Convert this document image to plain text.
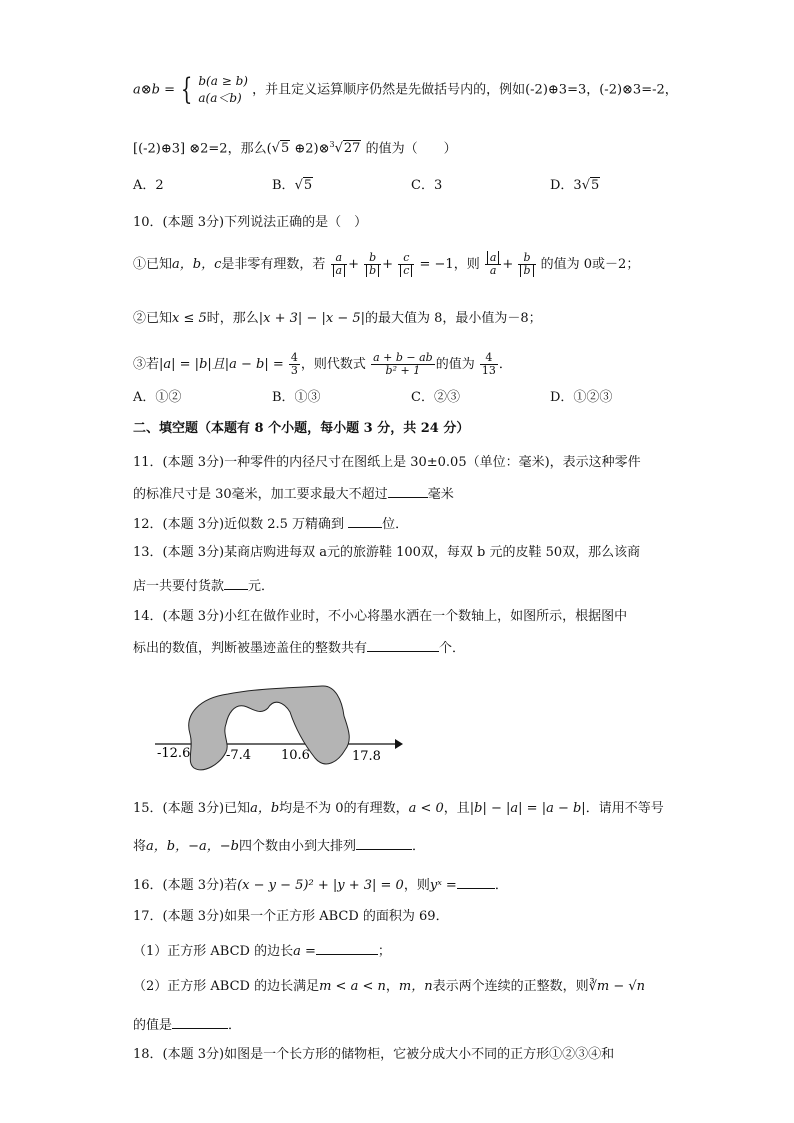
a⊗b = { b(a ≥ b)
a(a＜b)
，并且定义运算顺序仍然是先做括号内的，例如(-2)⊕3=3，(-2)⊗3=-2，
[(-2)⊕3] ⊗2=2，那么(√5 ⊕2)⊗$^3$√27 的值为（　　）
A．2	B．√5	C．3	D．3√5
10．(本题 3分)下列说法正确的是（　）
①已知a，b，c是非零有理数，若 $\frac{a}{a} + \frac{b}{b} + \frac{c}{c} = -1$，则 $\frac{a}{a} + \frac{b}{b}$ 的值为 0或－2；
②已知x ≤ 5时，那么|x + 3| − |x − 5|的最大值为 8，最小值为－8；
③若|a| = |b|且$|a - b| = \frac{4}{3}$ ，则代数式 $\frac{a + b - ab}{\text{b² + 1}}$ 的值为 $\frac{4}{13}$ ．
A．①②	B．①③	C．②③	D．①②③
二、填空题（本题有 8 个小题，每小题 3 分，共 24 分）
11．(本题 3分)一种零件的内径尺寸在图纸上是 30±0.05（单位：毫米)，表示这种零件
的标准尺寸是 30毫米，加工要求最大不超过	毫米
12．(本题 3分)近似数 2.5 万精确到	位．
13．(本题 3分)某商店购进每双 a元的旅游鞋 100双，每双 b 元的皮鞋 50双，那么该商
店一共要付货款 元．
14．(本题 3分)小红在做作业时，不小心将墨水洒在一个数轴上，如图所示，根据图中
标出的数值，判断被墨迹盖住的整数共有	个．
-12.6	-7.4 10.6	17.8
15．(本题 3分)已知a，b均是不为 0的有理数，a < 0，且|b| − |a| = |a − b|．请用不等号
将a，b，−a，−b四个数由小到大排列	．
16．(本题 3分)若(x − y − 5)² + |y + 3| = 0，则yˣ =	．
17．(本题 3分)如果一个正方形 ABCD 的面积为 69．
（1）正方形 ABCD 的边长a =	；
（2）正方形 ABCD 的边长满足m < a < n，m，n表示两个连续的正整数，则∛m − √n
的值是	．
18．(本题 3分)如图是一个长方形的储物柜，它被分成大小不同的正方形①②③④和
